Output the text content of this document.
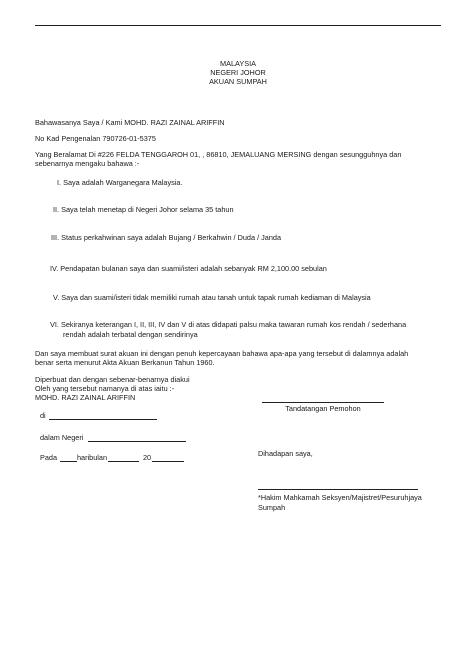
MALAYSIA
NEGERI JOHOR
AKUAN SUMPAH
Bahawasanya Saya / Kami MOHD. RAZI ZAINAL ARIFFIN
No Kad Pengenalan 790726-01-5375
Yang Beralamat Di #226 FELDA TENGGAROH 01, , 86810, JEMALUANG MERSING dengan sesungguhnya dan
sebenarnya mengaku bahawa :-
I. Saya adalah Warganegara Malaysia.
II. Saya telah menetap di Negeri Johor selama 35 tahun
III. Status perkahwinan saya adalah Bujang / Berkahwin / Duda / Janda
IV. Pendapatan bulanan saya dan suami/isteri adalah sebanyak RM 2,100.00 sebulan
V. Saya dan suami/isteri tidak memiliki rumah atau tanah untuk tapak rumah kediaman di Malaysia
VI. Sekiranya keterangan I, II, III, IV dan V di atas didapati palsu maka tawaran rumah kos rendah / sederhana
rendah adalah terbatal dengan sendirinya
Dan saya membuat surat akuan ini dengan penuh kepercayaan bahawa apa-apa yang tersebut di dalamnya adalah
benar serta menurut Akta Akuan Berkanun Tahun 1960.
Diperbuat dan dengan sebenar-benarnya diakui
Oleh yang tersebut namanya di atas iaitu :-
MOHD. RAZI ZAINAL ARIFFIN
di
dalam Negeri
Pada	haribulan	20
Tandatangan Pemohon
Dihadapan saya,
*Hakim Mahkamah Seksyen/Majistret/Pesuruhjaya
Sumpah
